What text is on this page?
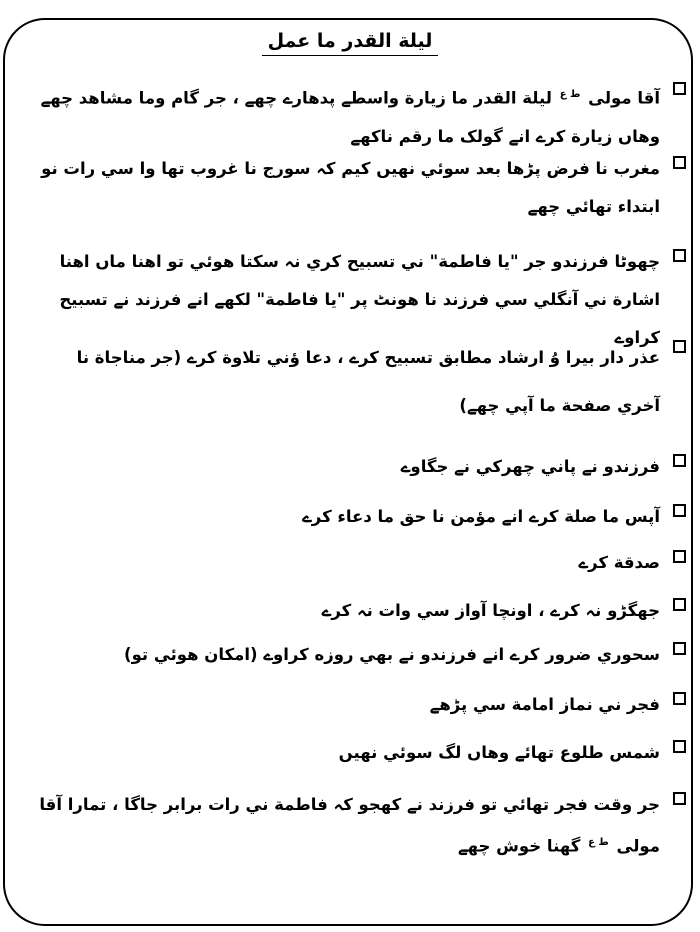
ليلة القدر ما عمل
آقا مولى $^{ط ع}$ ليلة القدر ما زيارة واسطے پدھارے چھے ، جر گام وما مشاهد چھے وهاں زيارة کرے انے گولک ما رقم ناکھے
مغرب نا فرض پڑھا بعد سوئي نهيں کيم کہ سورج نا غروب تھا وا سي رات نو ابتداء تھائي چھے
چھوٹا فرزندو جر "يا فاطمة" ني تسبيح کري نہ سکتا هوئي تو اهنا ماں اهنا اشارة ني آنگلي سي فرزند نا هونٹ پر "يا فاطمة" لکھے انے فرزند نے تسبيح کراوے
عذر دار بيرا وُ ارشاد مطابق تسبيح کرے ، دعا ؤني تلاوة کرے (جر مناجاة نا آخري صفحة ما آپي چھے)
فرزندو نے پاني چھرکي نے جگاوے
آپس ما صلة کرے انے مؤمن نا حق ما دعاء کرے
صدقة کرے
جھگڑو نہ کرے ، اونچا آواز سي وات نہ کرے
سحوري ضرور کرے انے فرزندو نے بھي روزه کراوے (امکان هوئي تو)
فجر ني نماز امامة سي پڑھے
شمس طلوع تھائے وهاں لگ سوئي نهيں
جر وقت فجر تھائي تو فرزند نے کهجو کہ فاطمة ني رات برابر جاگا ، تمارا آقا مولى $^{ط ع}$ گھنا خوش چھے
